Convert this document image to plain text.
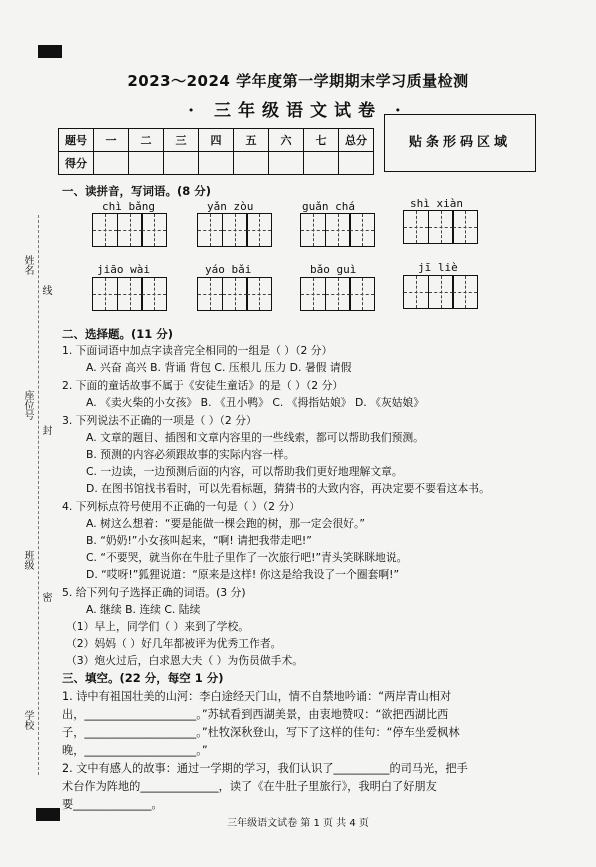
2023～2024 学年度第一学期期末学习质量检测
· 三年级语文试卷 ·
题号	一	二	三	四	五	六	七	总分
得分								
贴条形码区域
姓名
线
座位号
封
班级
密
学校
一、读拼音，写词语。(8 分)
chì bǎng	yǎn zòu	guǎn chá	shì xiàn
jiāo wài	yáo bǎi	bǎo guì	jī liè
二、选择题。(11 分)
1. 下面词语中加点字读音完全相同的一组是（ ）（2 分）
A. 兴奋 高兴 B. 背诵 背包 C. 压根儿 压力 D. 暑假 请假
2. 下面的童话故事不属于《安徒生童话》的是（ ）（2 分）
A. 《卖火柴的小女孩》 B. 《丑小鸭》 C. 《拇指姑娘》 D. 《灰姑娘》
3. 下列说法不正确的一项是（ ）（2 分）
A. 文章的题目、插图和文章内容里的一些线索，都可以帮助我们预测。
B. 预测的内容必须跟故事的实际内容一样。
C. 一边读，一边预测后面的内容，可以帮助我们更好地理解文章。
D. 在图书馆找书看时，可以先看标题，猜猜书的大致内容，再决定要不要看这本书。
4. 下列标点符号使用不正确的一句是（ ）（2 分）
A. 树这么想着：“要是能做一棵会跑的树，那一定会很好。”
B. “奶奶!”小女孩叫起来，“啊! 请把我带走吧!”
C. “不要哭，就当你在牛肚子里作了一次旅行吧!”青头笑眯眯地说。
D. “哎呀!”狐狸说道：“原来是这样! 你这是给我设了一个圈套啊!”
5. 给下列句子选择正确的词语。(3 分)
A. 继续 B. 连续 C. 陆续
（1）早上，同学们（ ）来到了学校。
（2）妈妈（ ）好几年都被评为优秀工作者。
（3）炮火过后，白求恩大夫（ ）为伤员做手术。
三、填空。(22 分，每空 1 分)
1. 诗中有祖国壮美的山河：李白途经天门山，情不自禁地吟诵：“两岸青山相对
出，____________________。”苏轼看到西湖美景，由衷地赞叹：“欲把西湖比西
子，____________________。”杜牧深秋登山，写下了这样的佳句：“停车坐爱枫林
晚，____________________。”
2. 文中有感人的故事：通过一学期的学习，我们认识了__________的司马光，把手
术台作为阵地的______________，读了《在牛肚子里旅行》，我明白了好朋友
要______________。
三年级语文试卷 第 1 页 共 4 页
